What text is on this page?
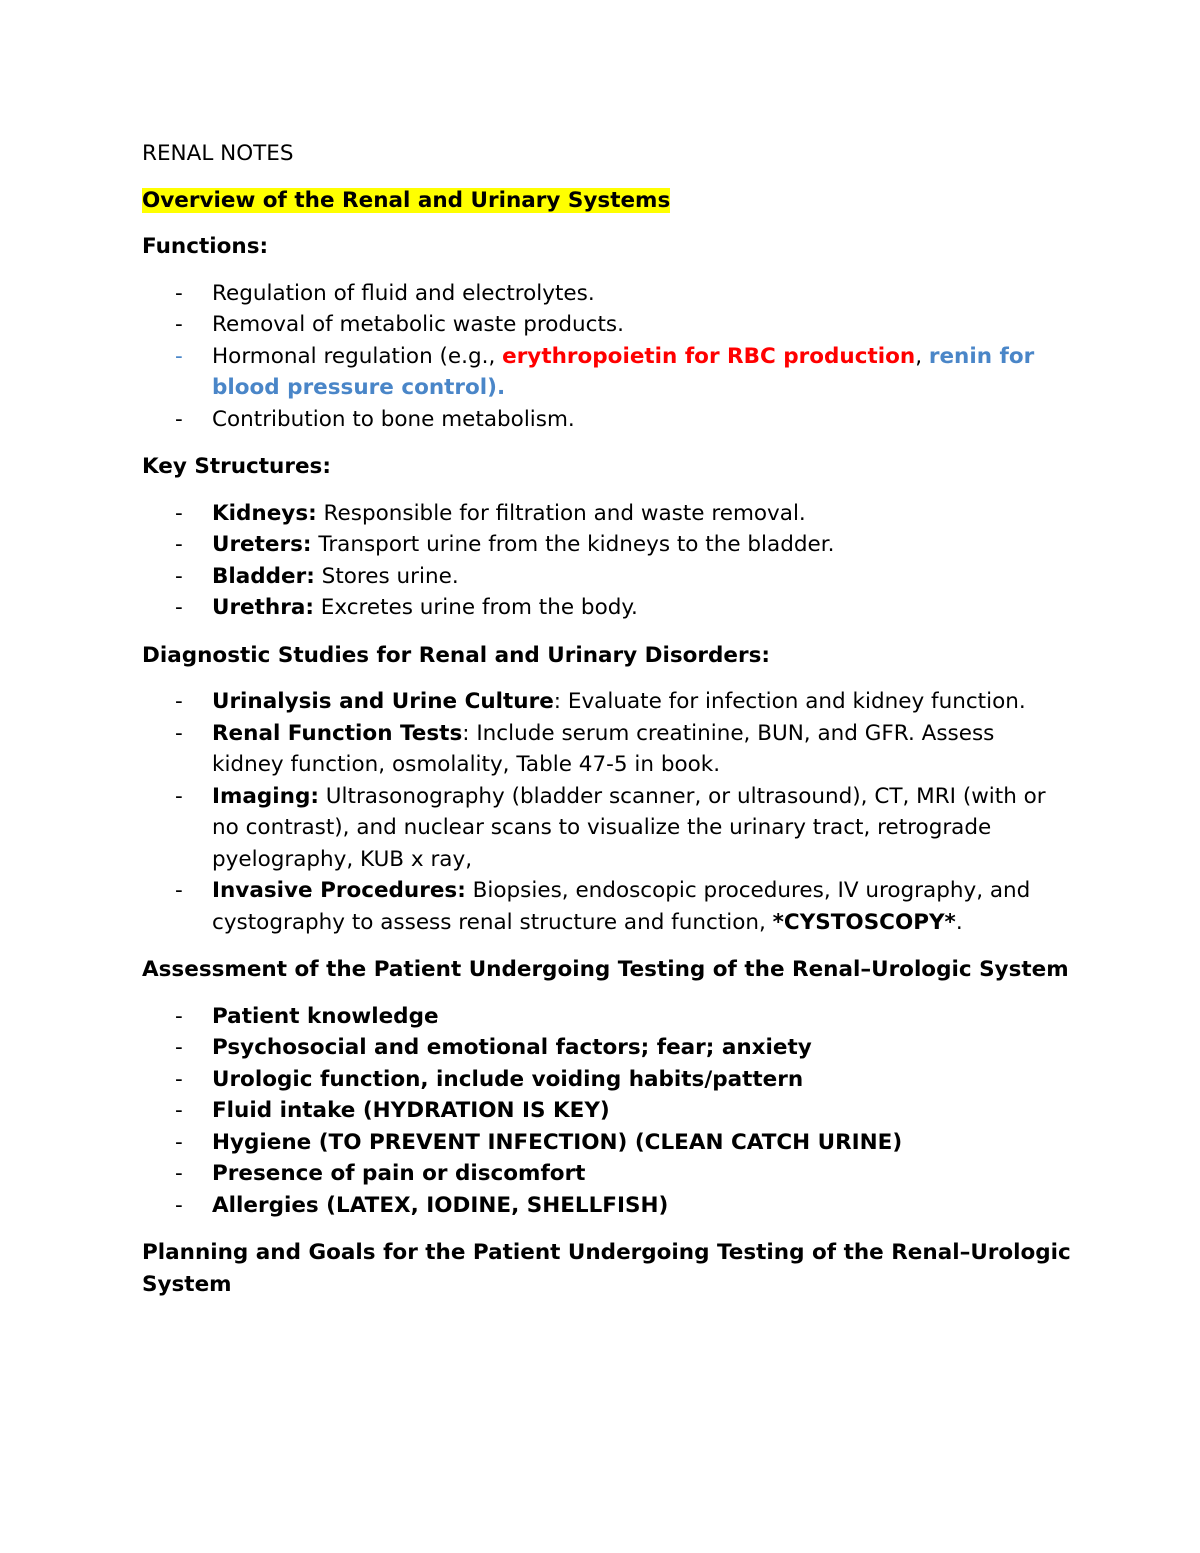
RENAL NOTES

Overview of the Renal and Urinary Systems

Functions:

- Regulation of fluid and electrolytes.
- Removal of metabolic waste products.
- Hormonal regulation (e.g., erythropoietin for RBC production, renin for blood pressure control).
- Contribution to bone metabolism.

Key Structures:

- Kidneys: Responsible for filtration and waste removal.
- Ureters: Transport urine from the kidneys to the bladder.
- Bladder: Stores urine.
- Urethra: Excretes urine from the body.

Diagnostic Studies for Renal and Urinary Disorders:

- Urinalysis and Urine Culture: Evaluate for infection and kidney function.
- Renal Function Tests: Include serum creatinine, BUN, and GFR. Assess kidney function, osmolality, Table 47-5 in book.
- Imaging: Ultrasonography (bladder scanner, or ultrasound), CT, MRI (with or no contrast), and nuclear scans to visualize the urinary tract, retrograde pyelography, KUB x ray,
- Invasive Procedures: Biopsies, endoscopic procedures, IV urography, and cystography to assess renal structure and function, *CYSTOSCOPY*.

Assessment of the Patient Undergoing Testing of the Renal–Urologic System

- Patient knowledge
- Psychosocial and emotional factors; fear; anxiety
- Urologic function, include voiding habits/pattern
- Fluid intake (HYDRATION IS KEY)
- Hygiene (TO PREVENT INFECTION) (CLEAN CATCH URINE)
- Presence of pain or discomfort
- Allergies (LATEX, IODINE, SHELLFISH)

Planning and Goals for the Patient Undergoing Testing of the Renal–Urologic System
